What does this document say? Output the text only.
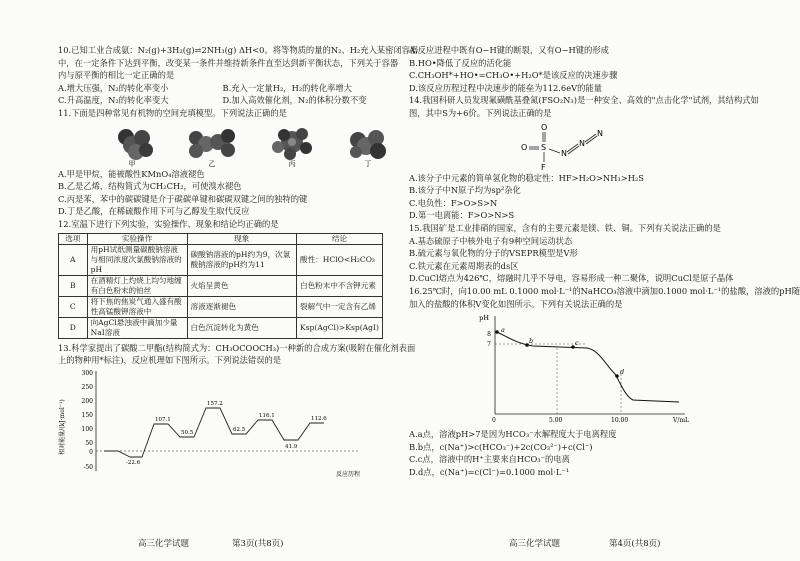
10.已知工业合成氨：N₂(g)+3H₂(g)⇌2NH₃(g) ΔH<0。将等物质的量的N₂、H₂充入某密闭容器

中，在一定条件下达到平衡，改变某一条件并维持新条件直至达到新平衡状态，下列关于容器

内与原平衡的相比一定正确的是

A.增大压强，N₂的转化率变小	B.充入一定量H₂，H₂的转化率增大

C.升高温度，N₂的转化率变大	D.加入高效催化剂，N₂的体积分数不变

11.下面是四种常见有机物的空间充填模型。下列说法正确的是

甲	乙	丙	丁

A.甲是甲烷，能被酸性KMnO₄溶液褪色

B.乙是乙烯，结构简式为CH₂CH₂，可使溴水褪色

C.丙是苯，苯中的碳碳键是介于碳碳单键和碳碳双键之间的独特的键

D.丁是乙酸，在稀硫酸作用下可与乙醇发生取代反应

12.室温下进行下列实验，实验操作、现象和结论均正确的是

选项	实验操作	现象	结论
A	用pH试纸测量碳酸钠溶液与相同浓度次氯酸钠溶液的pH	碳酸钠溶液的pH约为9，次氯酸钠溶液的pH约为11	酸性：HClO<H₂CO₃
B	在酒精灯上灼烧上均匀地缠有白色粉末的铂丝	火焰呈黄色	白色粉末中不含钾元素
C	将下焦的焦炭气通入盛有酸性高锰酸钾溶液中	溶液逐渐褪色	裂解气中一定含有乙烯
D	向AgCl悬浊液中滴加少量NaI溶液	白色沉淀转化为黄色	Ksp(AgCl)>Ksp(AgI)

13.科学家提出了碳酸二甲酯(结构简式为：CH₃OCOOCH₃)一种新的合成方案(吸附在催化剂表面

上的物种用*标注)，反应机理如下图所示。下列说法错误的是

相对能量/(kJ·mol⁻¹)
300
250
200
150
100
50
0
-50
-22.6
107.1
50.5
157.2
62.5
116.1
41.9
112.6
反应历程
高三化学试题	第3页(共8页)

A.反应进程中既有O−H键的断裂，又有O−H键的形成

B.HO•降低了反应的活化能

C.CH₃OH*+HO•=CH₃O•+H₂O*是该反应的决速步骤

D.该反应历程过程中决速步的能垒为112.6eV的能量

14.我国科研人员发现氟磺酰基叠氮(FSO₂N₃)是一种安全、高效的"点击化学"试剂，其结构式如

图，其中S为+6价。下列说法正确的是

O
S
O
F
N
N
N

A.该分子中元素的简单氢化物的稳定性：HF>H₂O>NH₃>H₂S

B.该分子中N原子均为sp²杂化

C.电负性：F>O>S>N

D.第一电离能：F>O>N>S

15.我国矿是工业排硝的国家，含有的主要元素是镁、铁、铜。下列有关说法正确的是

A.基态硫原子中核外电子有9种空间运动状态

B.硫元素与氧化物的分子的VSEPR模型是V形

C.铁元素在元素周期表的ds区

D.CuCl熔点为426℃，熔融时几乎不导电，容易形成一种二聚体，说明CuCl是原子晶体

16.25℃时，向10.00 mL 0.1000 mol·L⁻¹的NaHCO₃溶液中滴加0.1000 mol·L⁻¹的盐酸，溶液的pH随

加入的盐酸的体积V变化如图所示。下列有关说法正确的是

pH
8
7
a
b	c
d
0	5.00	10.00	V/mL

A.a点，溶液pH>7是因为HCO₃⁻水解程度大于电离程度

B.b点，c(Na⁺)>c(HCO₃⁻)+2c(CO₃²⁻)+c(Cl⁻)

C.c点，溶液中的H⁺主要来自HCO₃⁻的电离

D.d点，c(Na⁺)=c(Cl⁻)=0.1000 mol·L⁻¹

高三化学试题	第4页(共8页)
